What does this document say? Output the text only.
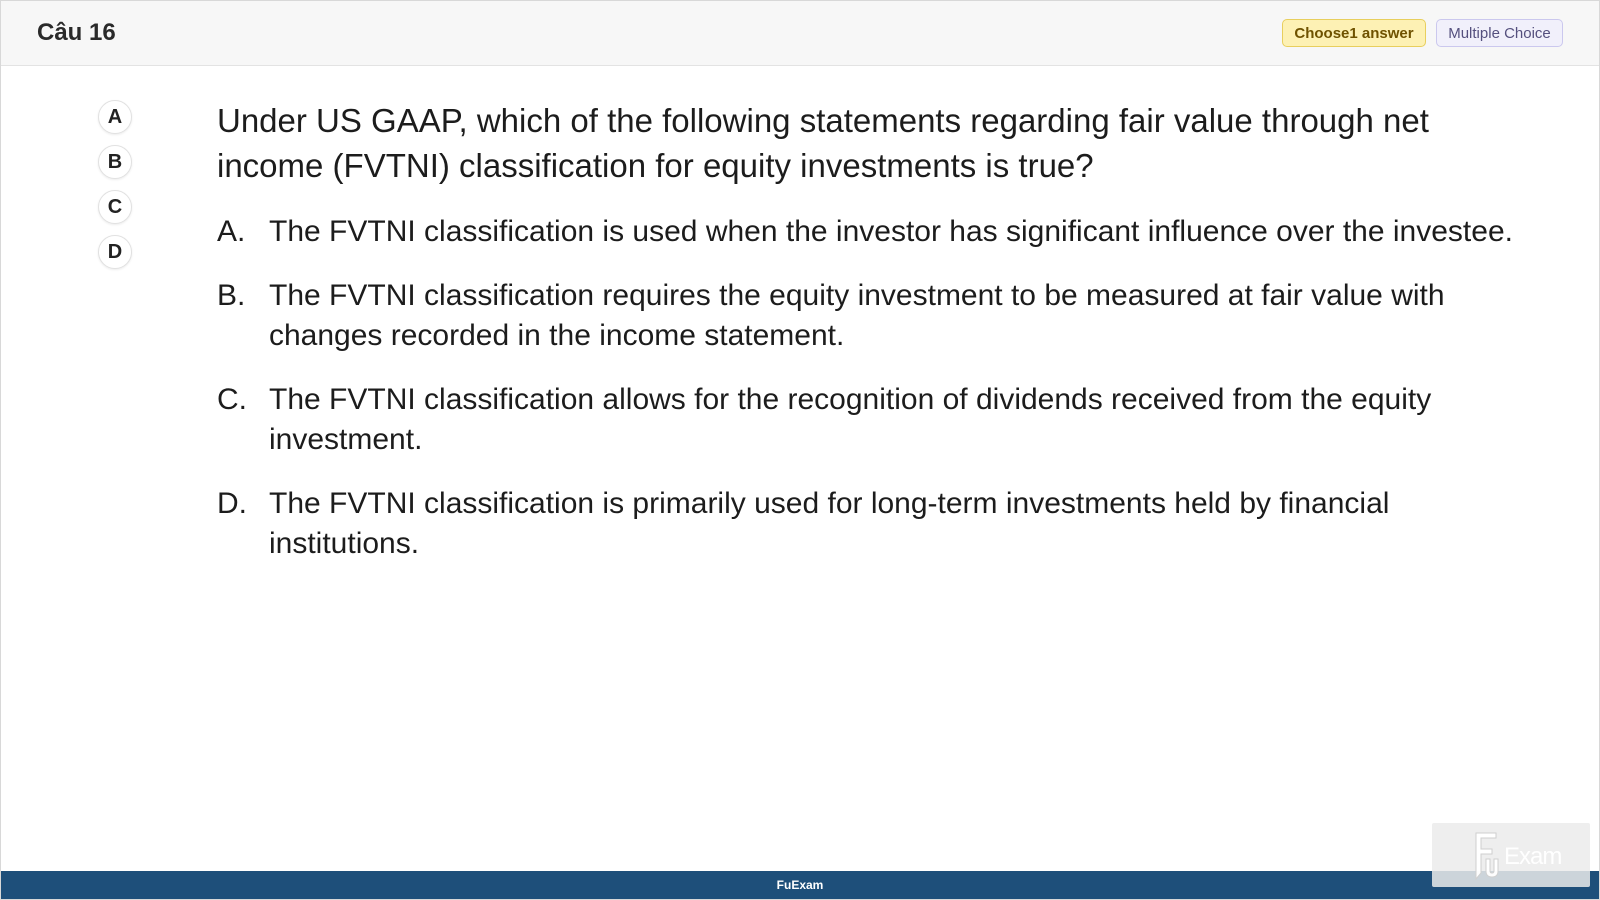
Câu 16	Choose1 answer	Multiple Choice
A
B
C
D
Under US GAAP, which of the following statements regarding fair value through net income (FVTNI) classification for equity investments is true?
A. The FVTNI classification is used when the investor has significant influence over the investee.
B. The FVTNI classification requires the equity investment to be measured at fair value with changes recorded in the income statement.
C. The FVTNI classification allows for the recognition of dividends received from the equity investment.
D. The FVTNI classification is primarily used for long-term investments held by financial institutions.
FuExam
Exam
